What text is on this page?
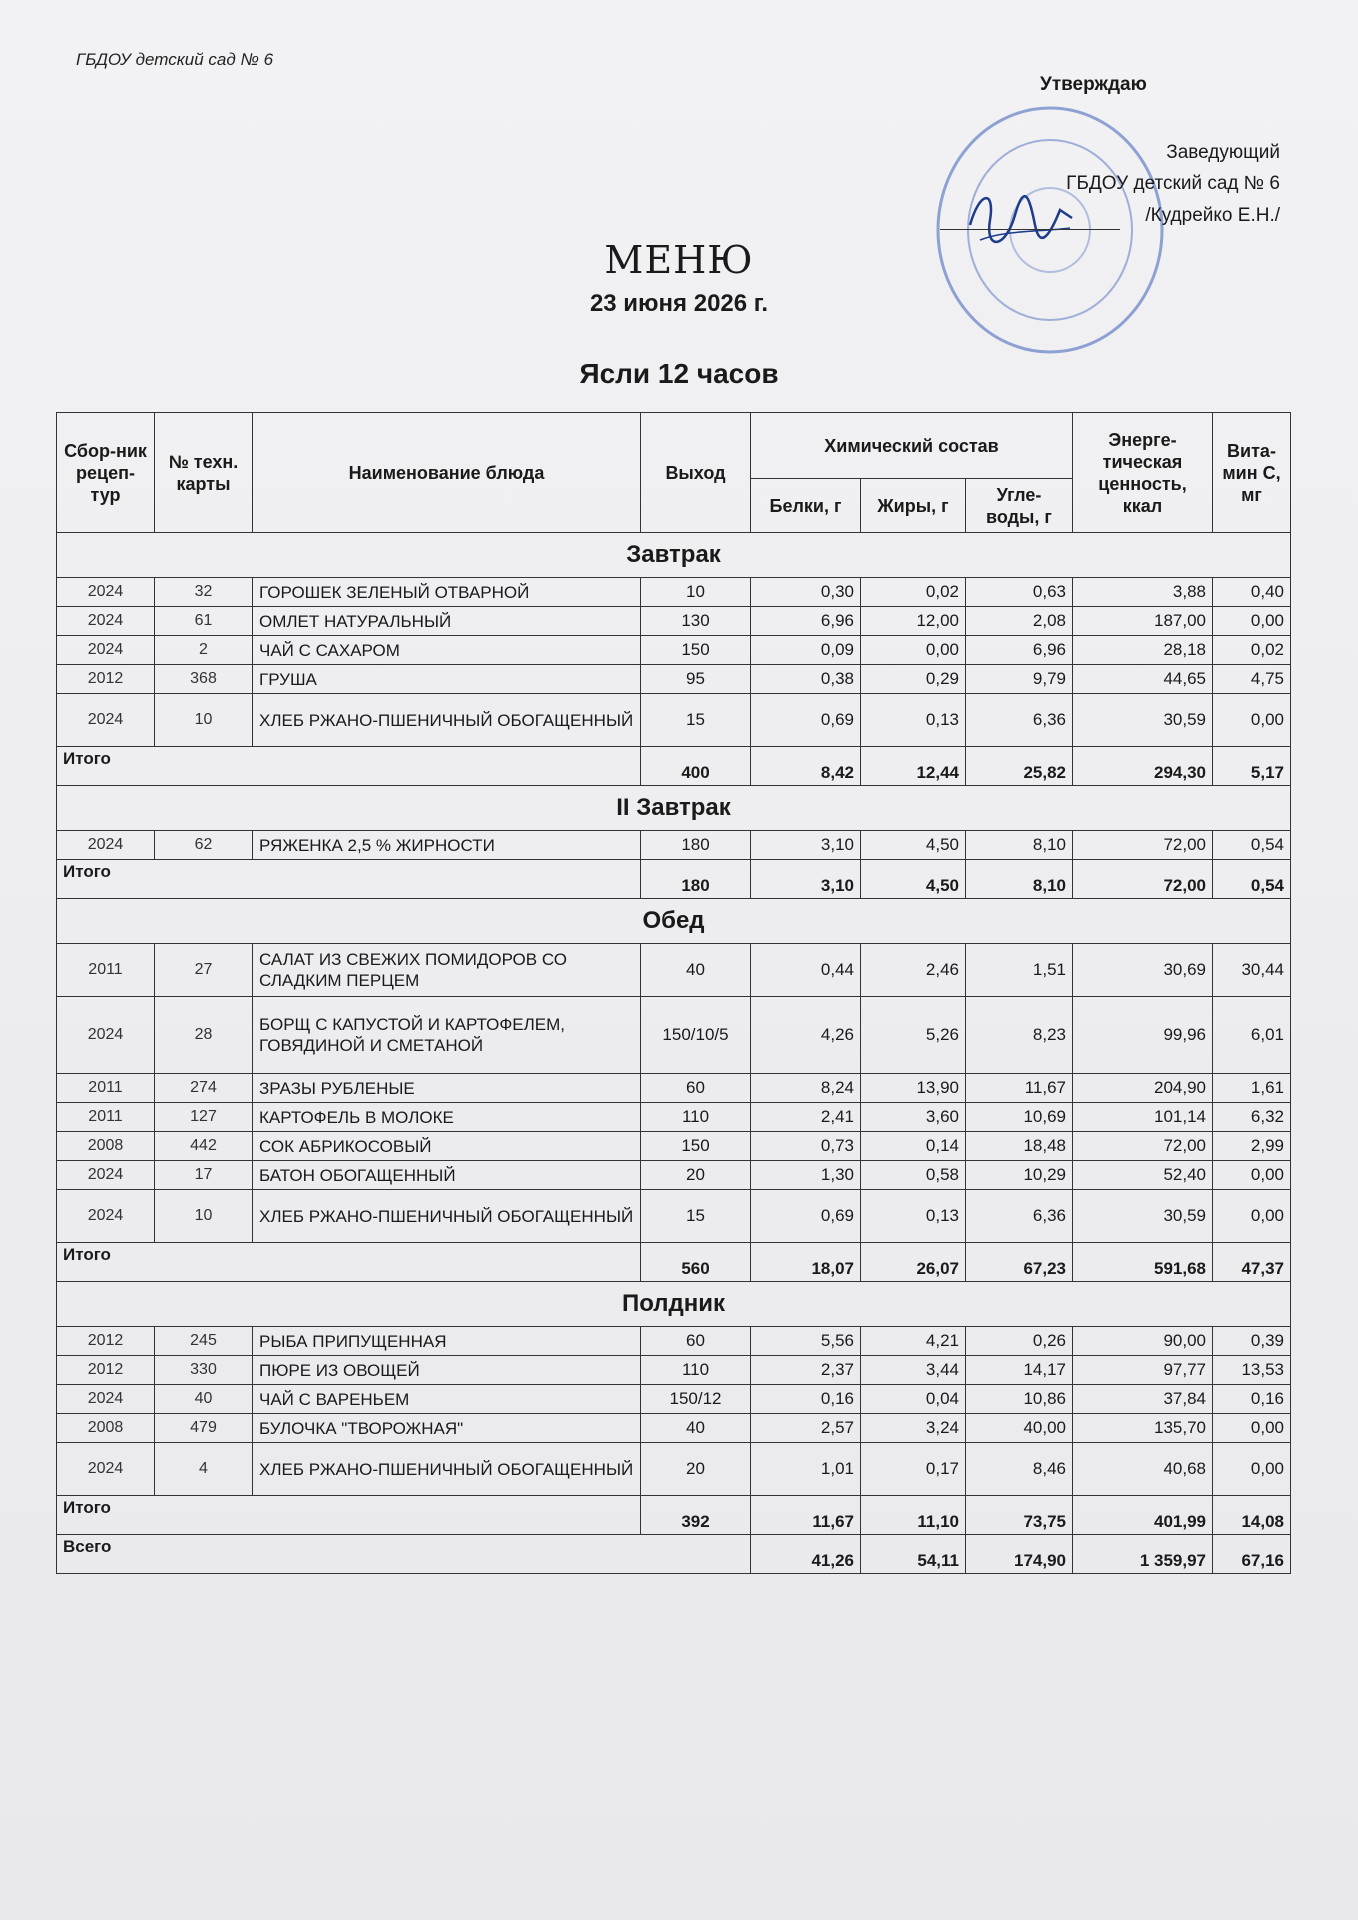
ГБДОУ детский сад № 6
Утверждаю
Заведующий
ГБДОУ детский сад № 6
/Кудрейко Е.Н./
МЕНЮ
23 июня 2026 г.
Ясли 12 часов
Сбор-ник рецеп-тур	№ техн. карты	Наименование блюда	Выход	Химический состав			Энерге-тическая ценность, ккал	Вита-мин С, мг
				Белки, г	Жиры, г	Угле-воды, г		
Завтрак								
2024	32	ГОРОШЕК ЗЕЛЕНЫЙ ОТВАРНОЙ	10	0,30	0,02	0,63	3,88	0,40
2024	61	ОМЛЕТ НАТУРАЛЬНЫЙ	130	6,96	12,00	2,08	187,00	0,00
2024	2	ЧАЙ С САХАРОМ	150	0,09	0,00	6,96	28,18	0,02
2012	368	ГРУША	95	0,38	0,29	9,79	44,65	4,75
2024	10	ХЛЕБ РЖАНО-ПШЕНИЧНЫЙ ОБОГАЩЕННЫЙ	15	0,69	0,13	6,36	30,59	0,00
Итого			400	8,42	12,44	25,82	294,30	5,17
II Завтрак								
2024	62	РЯЖЕНКА 2,5 % ЖИРНОСТИ	180	3,10	4,50	8,10	72,00	0,54
Итого			180	3,10	4,50	8,10	72,00	0,54
Обед								
2011	27	САЛАТ ИЗ СВЕЖИХ ПОМИДОРОВ СО СЛАДКИМ ПЕРЦЕМ	40	0,44	2,46	1,51	30,69	30,44
2024	28	БОРЩ С КАПУСТОЙ И КАРТОФЕЛЕМ, ГОВЯДИНОЙ И СМЕТАНОЙ	150/10/5	4,26	5,26	8,23	99,96	6,01
2011	274	ЗРАЗЫ РУБЛЕНЫЕ	60	8,24	13,90	11,67	204,90	1,61
2011	127	КАРТОФЕЛЬ В МОЛОКЕ	110	2,41	3,60	10,69	101,14	6,32
2008	442	СОК АБРИКОСОВЫЙ	150	0,73	0,14	18,48	72,00	2,99
2024	17	БАТОН ОБОГАЩЕННЫЙ	20	1,30	0,58	10,29	52,40	0,00
2024	10	ХЛЕБ РЖАНО-ПШЕНИЧНЫЙ ОБОГАЩЕННЫЙ	15	0,69	0,13	6,36	30,59	0,00
Итого			560	18,07	26,07	67,23	591,68	47,37
Полдник								
2012	245	РЫБА ПРИПУЩЕННАЯ	60	5,56	4,21	0,26	90,00	0,39
2012	330	ПЮРЕ ИЗ ОВОЩЕЙ	110	2,37	3,44	14,17	97,77	13,53
2024	40	ЧАЙ С ВАРЕНЬЕМ	150/12	0,16	0,04	10,86	37,84	0,16
2008	479	БУЛОЧКА "ТВОРОЖНАЯ"	40	2,57	3,24	40,00	135,70	0,00
2024	4	ХЛЕБ РЖАНО-ПШЕНИЧНЫЙ ОБОГАЩЕННЫЙ	20	1,01	0,17	8,46	40,68	0,00
Итого			392	11,67	11,10	73,75	401,99	14,08
Всего				41,26	54,11	174,90	1 359,97	67,16
